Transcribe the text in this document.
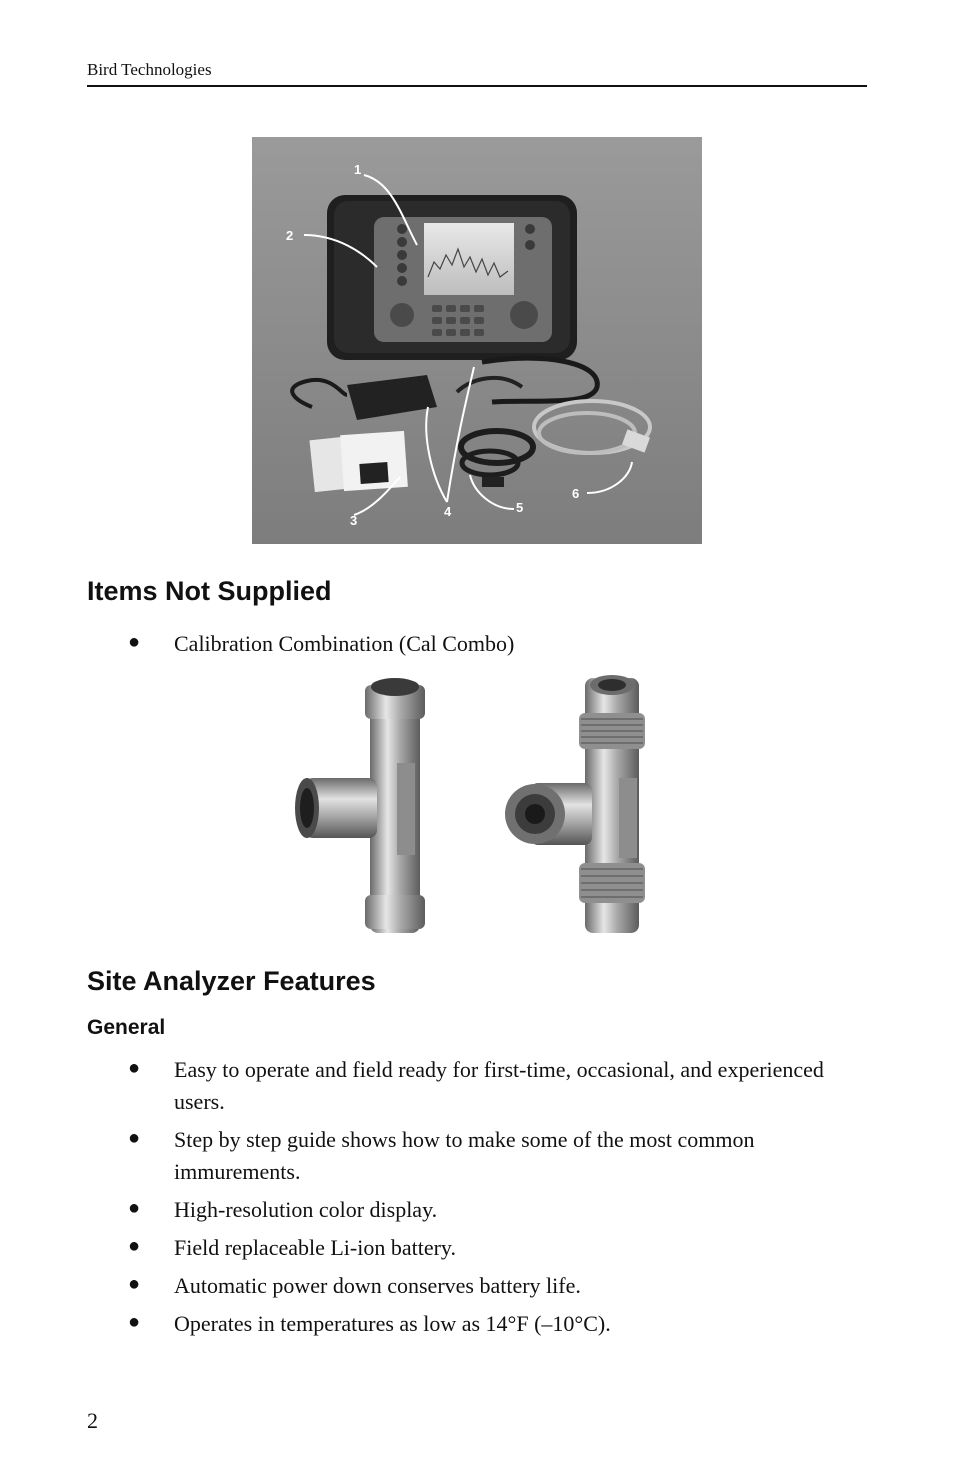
Bird Technologies
1
2
3
4	5
6
Items Not Supplied
● Calibration Combination (Cal Combo)
Site Analyzer Features
General
● Easy to operate and field ready for first-time, occasional, and experienced users.
● Step by step guide shows how to make some of the most common immurements.
● High-resolution color display.
● Field replaceable Li-ion battery.
● Automatic power down conserves battery life.
● Operates in temperatures as low as 14°F (–10°C).
2
